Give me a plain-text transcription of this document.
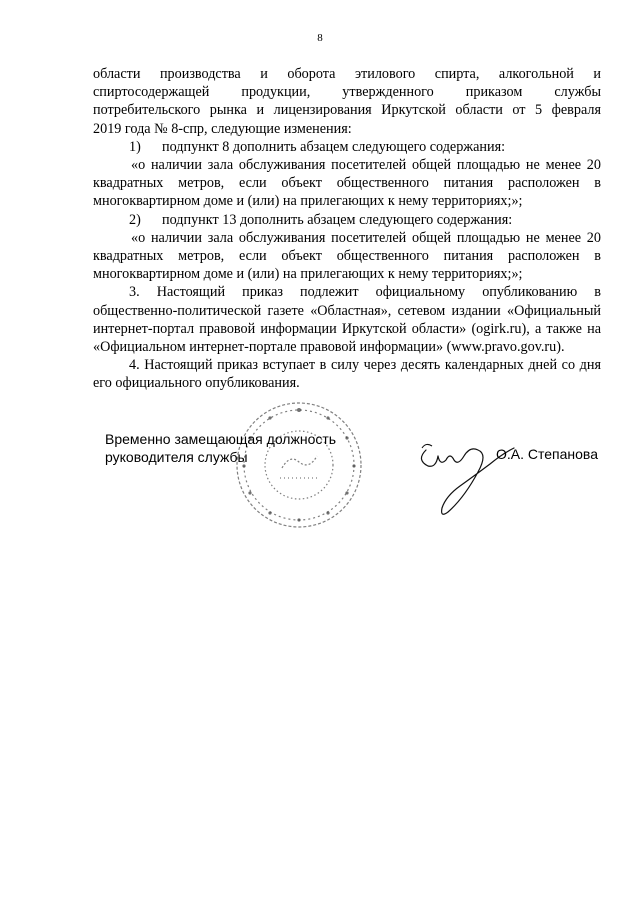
8

области производства и оборота этилового спирта, алкогольной и

спиртосодержащей продукции, утвержденного приказом службы

потребительского рынка и лицензирования Иркутской области от 5 февраля

2019 года № 8-спр, следующие изменения:

1) подпункт 8 дополнить абзацем следующего содержания:

«о наличии зала обслуживания посетителей общей площадью не менее 20 квадратных метров, если объект общественного питания расположен в многоквартирном доме и (или) на прилегающих к нему территориях;»;

2) подпункт 13 дополнить абзацем следующего содержания:

«о наличии зала обслуживания посетителей общей площадью не менее 20 квадратных метров, если объект общественного питания расположен в многоквартирном доме и (или) на прилегающих к нему территориях;»;

3. Настоящий приказ подлежит официальному опубликованию в общественно-политической газете «Областная», сетевом издании «Официальный интернет-портал правовой информации Иркутской области» (ogirk.ru), а также на «Официальном интернет-портале правовой информации» (www.pravo.gov.ru).

4. Настоящий приказ вступает в силу через десять календарных дней со дня его официального опубликования.

Временно замещающая должность
руководителя службы	О.А. Степанова
